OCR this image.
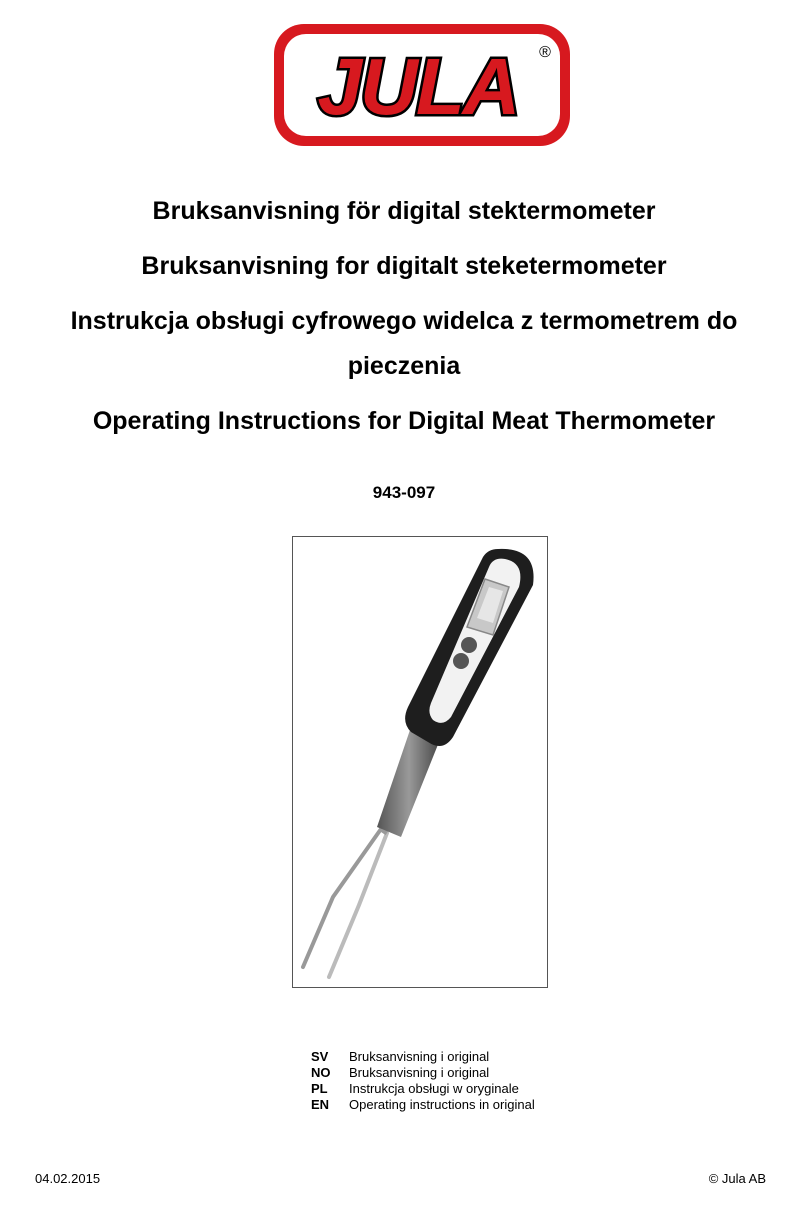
JULA ®
Bruksanvisning för digital stektermometer
Bruksanvisning for digitalt steketermometer
Instrukcja obsługi cyfrowego widelca z termometrem do
pieczenia
Operating Instructions for Digital Meat Thermometer
943-097
SV	Bruksanvisning i original
NO	Bruksanvisning i original
PL	Instrukcja obsługi w oryginale
EN	Operating instructions in original
04.02.2015	© Jula AB
